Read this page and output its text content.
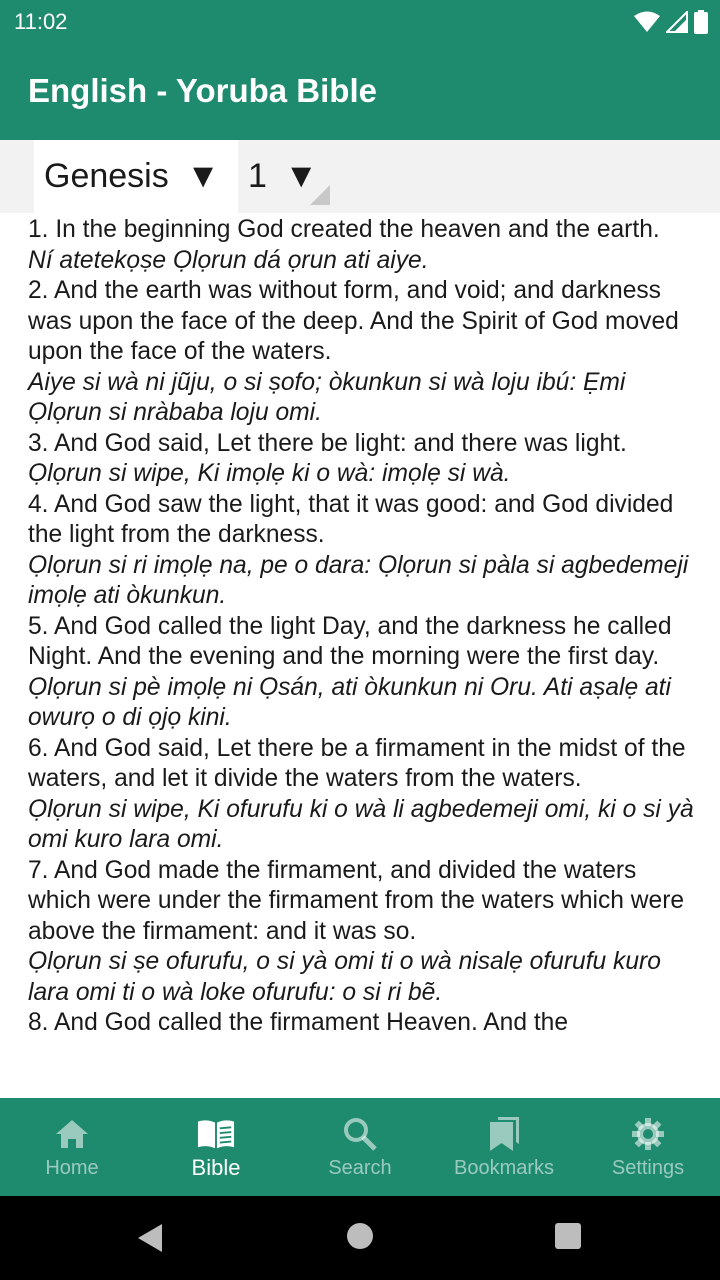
11:02
English - Yoruba Bible
Genesis ▼ 1 ▼
1. In the beginning God created the heaven and the earth.
Ní atetekọṣe Ọlọrun dá ọrun ati aiye.
2. And the earth was without form, and void; and darkness was upon the face of the deep. And the Spirit of God moved upon the face of the waters.
Aiye si wà ni jũju, o si ṣofo; òkunkun si wà loju ibú: Ẹmi Ọlọrun si nràbaba loju omi.
3. And God said, Let there be light: and there was light.
Ọlọrun si wipe, Ki imọlẹ ki o wà: imọlẹ si wà.
4. And God saw the light, that it was good: and God divided the light from the darkness.
Ọlọrun si ri imọlẹ na, pe o dara: Ọlọrun si pàla si agbedemeji imọlẹ ati òkunkun.
5. And God called the light Day, and the darkness he called Night. And the evening and the morning were the first day.
Ọlọrun si pè imọlẹ ni Ọsán, ati òkunkun ni Oru. Ati aṣalẹ ati owurọ o di ọjọ kini.
6. And God said, Let there be a firmament in the midst of the waters, and let it divide the waters from the waters.
Ọlọrun si wipe, Ki ofurufu ki o wà li agbedemeji omi, ki o si yà omi kuro lara omi.
7. And God made the firmament, and divided the waters which were under the firmament from the waters which were above the firmament: and it was so.
Ọlọrun si ṣe ofurufu, o si yà omi ti o wà nisalẹ ofurufu kuro lara omi ti o wà loke ofurufu: o si ri bẽ.
8. And God called the firmament Heaven. And the
Home	Bible	Search	Bookmarks	Settings
